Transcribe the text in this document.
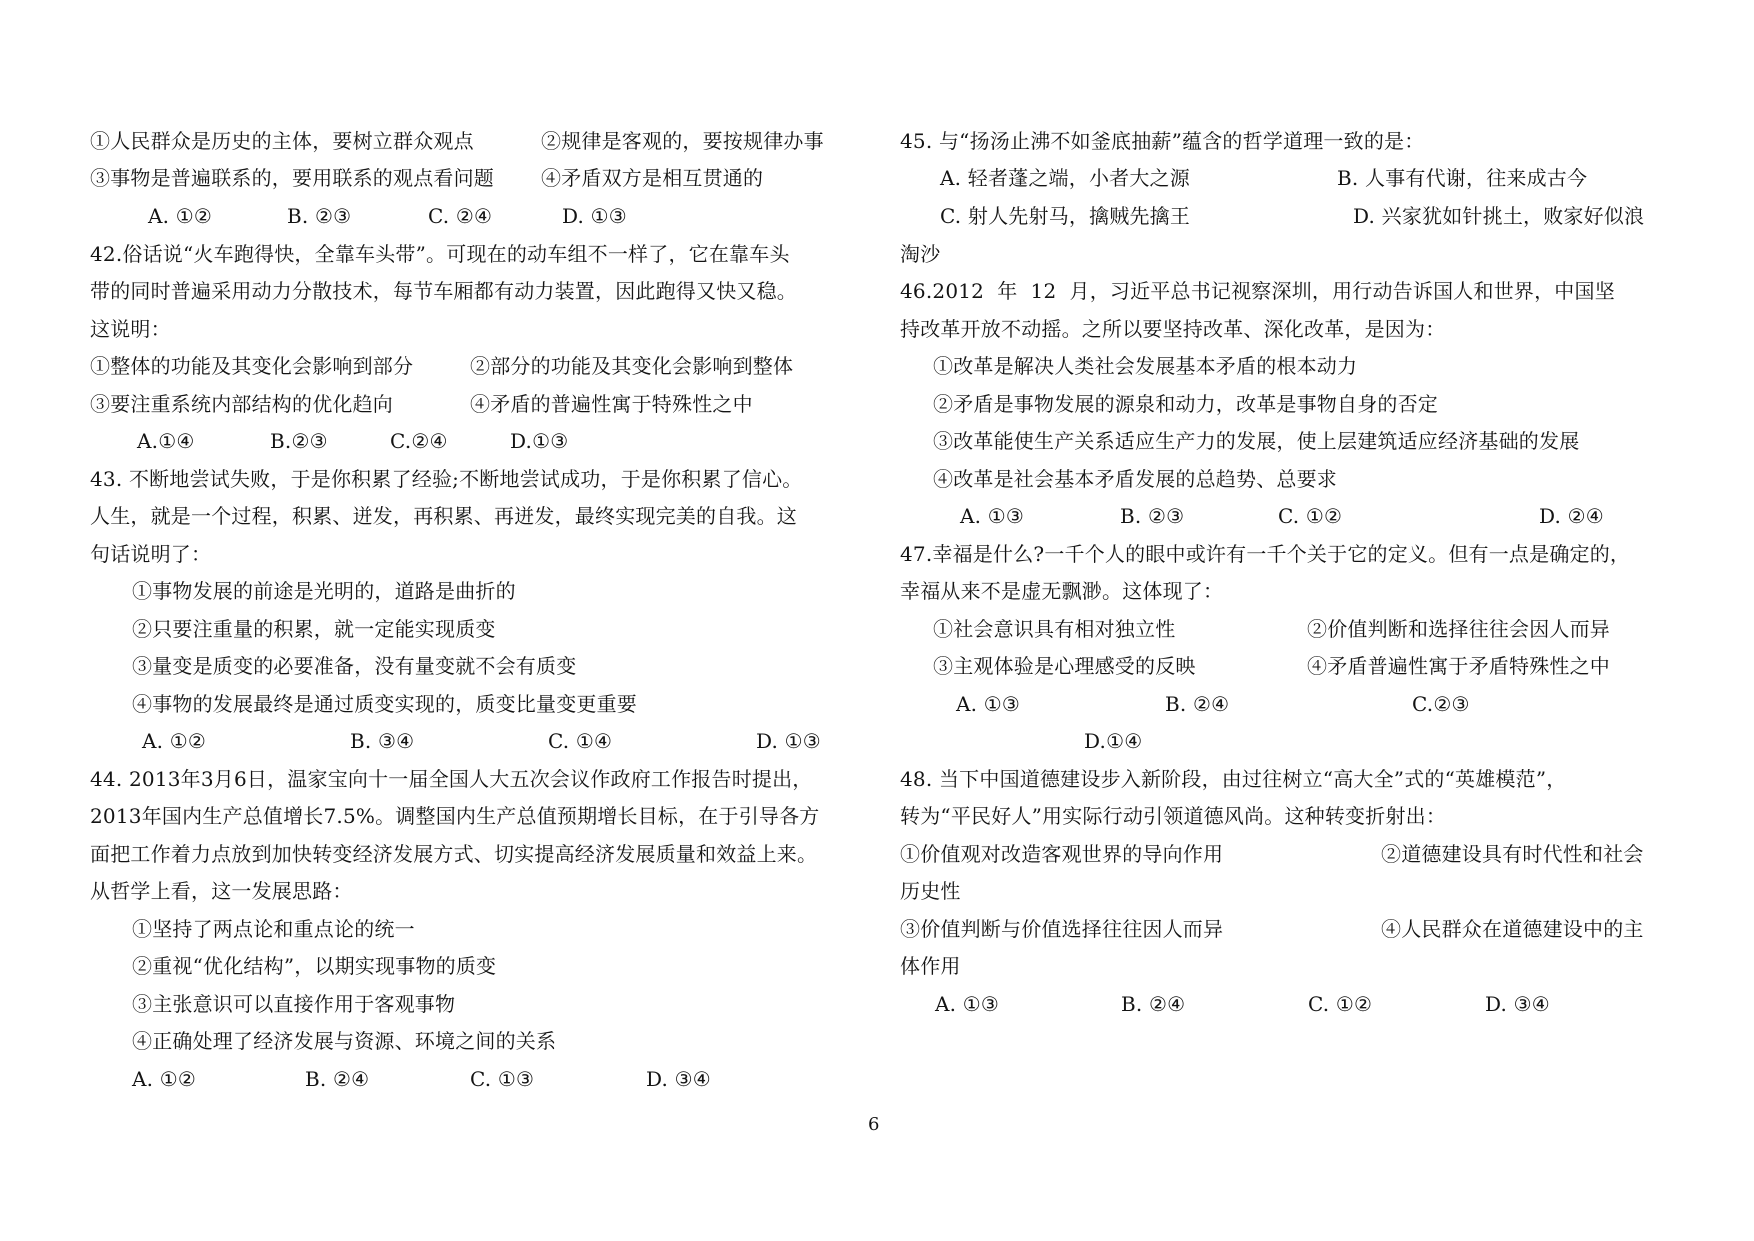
①人民群众是历史的主体，要树立群众观点	②规律是客观的，要按规律办事
③事物是普遍联系的，要用联系的观点看问题 ④矛盾双方是相互贯通的
A. ①②	B. ②③	C. ②④	D. ①③
42.俗话说“火车跑得快，全靠车头带”。可现在的动车组不一样了，它在靠车头
带的同时普遍采用动力分散技术，每节车厢都有动力装置，因此跑得又快又稳。
这说明：
①整体的功能及其变化会影响到部分	②部分的功能及其变化会影响到整体
③要注重系统内部结构的优化趋向	④矛盾的普遍性寓于特殊性之中
A.①④	B.②③	C.②④	D.①③
43. 不断地尝试失败，于是你积累了经验;不断地尝试成功，于是你积累了信心。
人生，就是一个过程，积累、迸发，再积累、再迸发，最终实现完美的自我。这
句话说明了：
①事物发展的前途是光明的，道路是曲折的
②只要注重量的积累，就一定能实现质变
③量变是质变的必要准备，没有量变就不会有质变
④事物的发展最终是通过质变实现的，质变比量变更重要
A. ①②	B. ③④	C. ①④	D. ①③
44. 2013年3月6日，温家宝向十一届全国人大五次会议作政府工作报告时提出，
2013年国内生产总值增长7.5%。调整国内生产总值预期增长目标，在于引导各方
面把工作着力点放到加快转变经济发展方式、切实提高经济发展质量和效益上来。
从哲学上看，这一发展思路：
①坚持了两点论和重点论的统一
②重视“优化结构”，以期实现事物的质变
③主张意识可以直接作用于客观事物
④正确处理了经济发展与资源、环境之间的关系
A. ①②	B. ②④	C. ①③	D. ③④
45. 与“扬汤止沸不如釜底抽薪”蕴含的哲学道理一致的是：
A. 轻者蓬之端，小者大之源	B. 人事有代谢，往来成古今
C. 射人先射马，擒贼先擒王	D. 兴家犹如针挑土，败家好似浪
淘沙
46.2012  年  12  月，习近平总书记视察深圳，用行动告诉国人和世界，中国坚
持改革开放不动摇。之所以要坚持改革、深化改革，是因为：
①改革是解决人类社会发展基本矛盾的根本动力
②矛盾是事物发展的源泉和动力，改革是事物自身的否定
③改革能使生产关系适应生产力的发展，使上层建筑适应经济基础的发展
④改革是社会基本矛盾发展的总趋势、总要求
A. ①③	B. ②③	C. ①②	D. ②④
47.幸福是什么?一千个人的眼中或许有一千个关于它的定义。但有一点是确定的，
幸福从来不是虚无飘渺。这体现了：
①社会意识具有相对独立性	②价值判断和选择往往会因人而异
③主观体验是心理感受的反映	④矛盾普遍性寓于矛盾特殊性之中
A. ①③	B. ②④	C.②③
D.①④
48. 当下中国道德建设步入新阶段，由过往树立“高大全”式的“英雄模范”，
转为“平民好人”用实际行动引领道德风尚。这种转变折射出：
①价值观对改造客观世界的导向作用	②道德建设具有时代性和社会
历史性
③价值判断与价值选择往往因人而异	④人民群众在道德建设中的主
体作用
A. ①③	B. ②④	C. ①②	D. ③④
6
